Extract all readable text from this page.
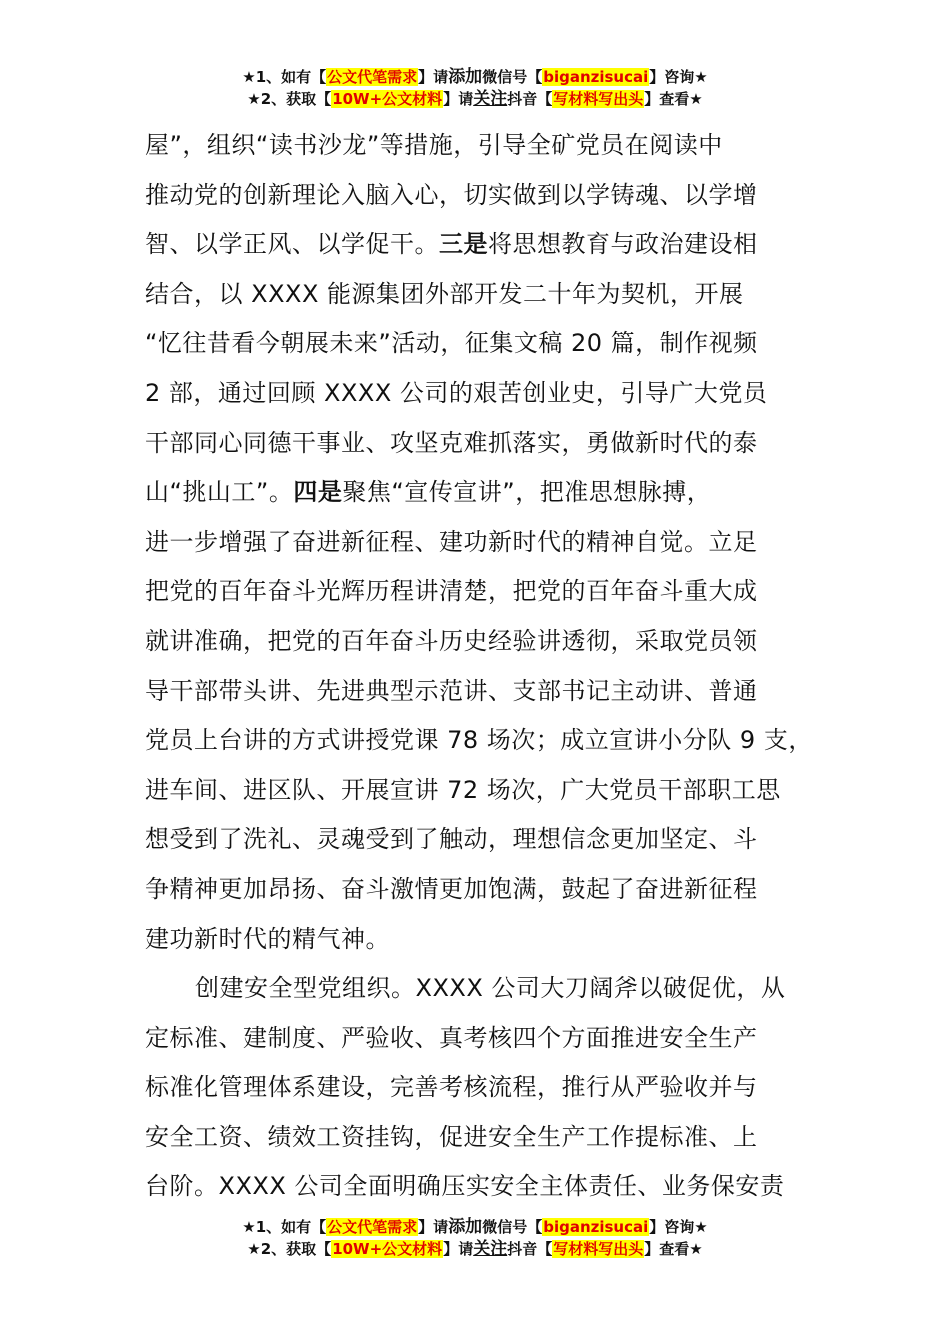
★1、如有【公文代笔需求】请添加微信号【biganzisucai】咨询★
★2、获取【10W+公文材料】请关注抖音【写材料写出头】查看★
屋”，组织“读书沙龙”等措施，引导全矿党员在阅读中
推动党的创新理论入脑入心，切实做到以学铸魂、以学增
智、以学正风、以学促干。三是将思想教育与政治建设相
结合，以 XXXX 能源集团外部开发二十年为契机，开展
“忆往昔看今朝展未来”活动，征集文稿 20 篇，制作视频
2 部，通过回顾 XXXX 公司的艰苦创业史，引导广大党员
干部同心同德干事业、攻坚克难抓落实，勇做新时代的泰
山“挑山工”。四是聚焦“宣传宣讲”，把准思想脉搏，
进一步增强了奋进新征程、建功新时代的精神自觉。立足
把党的百年奋斗光辉历程讲清楚，把党的百年奋斗重大成
就讲准确，把党的百年奋斗历史经验讲透彻，采取党员领
导干部带头讲、先进典型示范讲、支部书记主动讲、普通
党员上台讲的方式讲授党课 78 场次；成立宣讲小分队 9 支，
进车间、进区队、开展宣讲 72 场次，广大党员干部职工思
想受到了洗礼、灵魂受到了触动，理想信念更加坚定、斗
争精神更加昂扬、奋斗激情更加饱满，鼓起了奋进新征程
建功新时代的精气神。
创建安全型党组织。XXXX 公司大刀阔斧以破促优，从
定标准、建制度、严验收、真考核四个方面推进安全生产
标准化管理体系建设，完善考核流程，推行从严验收并与
安全工资、绩效工资挂钩，促进安全生产工作提标准、上
台阶。XXXX 公司全面明确压实安全主体责任、业务保安责
★1、如有【公文代笔需求】请添加微信号【biganzisucai】咨询★
★2、获取【10W+公文材料】请关注抖音【写材料写出头】查看★
